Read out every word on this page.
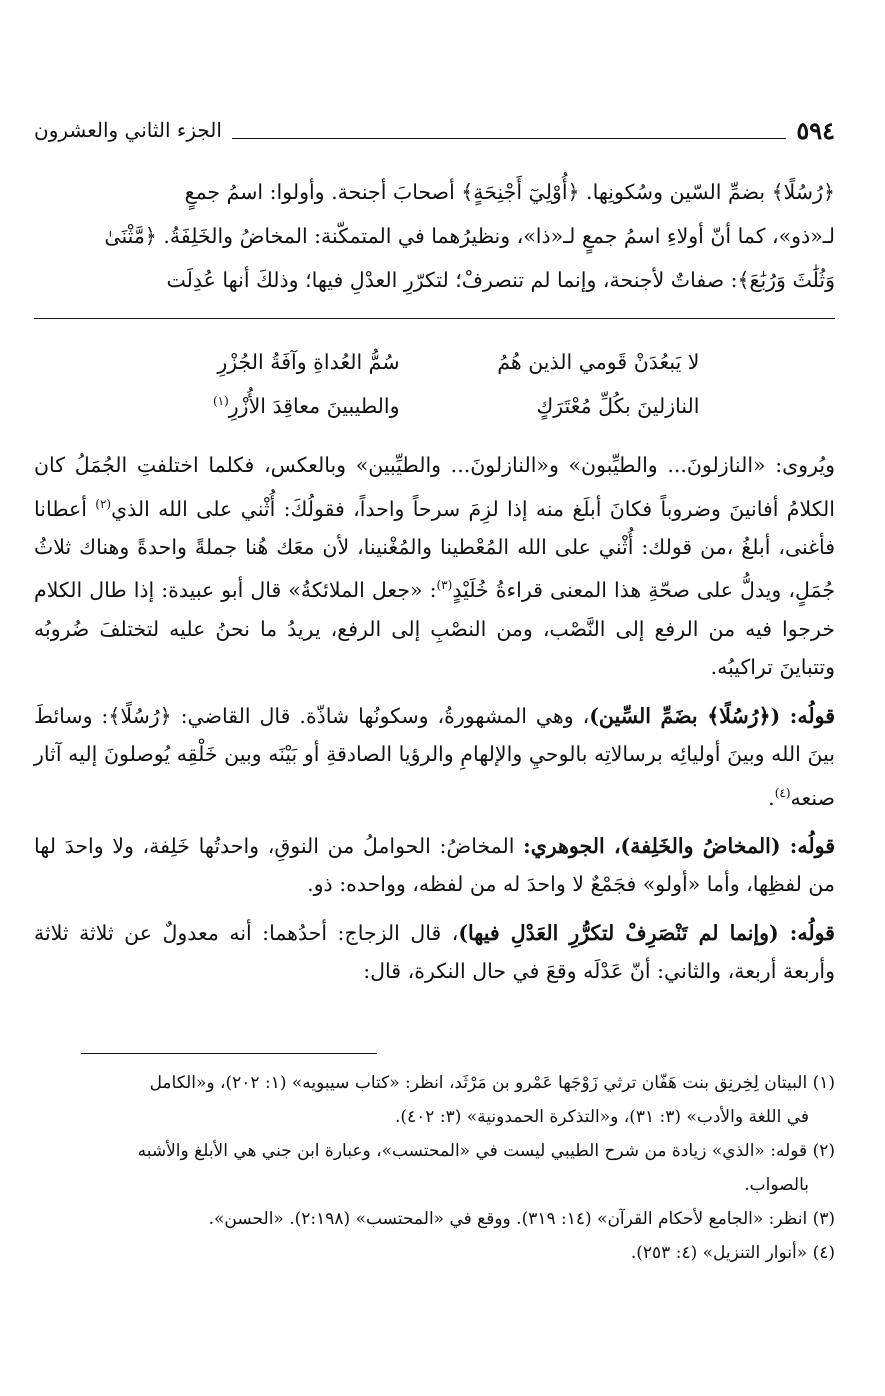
٥٩٤
الجزء الثاني والعشرون

﴿رُسُلًا﴾ بضمِّ السّين وسُكونِها. ﴿أُوْلِيٓ أَجْنِحَةٍ﴾ أصحابَ أجنحة. وأولوا: اسمُ جمعٍ

لـ«ذو»، كما أنّ أولاءِ اسمُ جمعٍ لـ«ذا»، ونظيرُهما في المتمكّنة: المخاضُ والخَلِفَةُ. ﴿مَّثْنَىٰ

وَثُلَٰثَ وَرُبَٰعَ﴾: صفاتٌ لأجنحة، وإنما لم تنصرفْ؛ لتكرّرِ العدْلِ فيها؛ وذلكَ أنها عُدِلَت

لا يَبعُدَنْ قَومي الذين هُمُ
سُمُّ العُداةِ وآفَةُ الجُزْرِ
النازلينَ بكُلِّ مُعْتَرَكٍ
والطيبينَ معاقِدَ الأُزْرِ$^{(١)}$

ويُروى: «النازلونَ... والطيِّبون» و«النازلونَ... والطيِّبين» وبالعكس، فكلما اختلفتِ الجُمَلُ كان الكلامُ أفانينَ وضروباً فكانَ أبلَغ منه إذا لزِمَ سرحاً واحداً، فقولُكَ: أُثْني على الله الذي$^{(٢)}$ أعطانا فأغنى، أبلغُ ،من قولك: أُثْني على الله المُعْطينا والمُغْنينا، لأن معَك هُنا جملةً واحدةً وهناك ثلاثُ جُمَلٍ، ويدلُّ على صحّةِ هذا المعنى قراءةُ خُلَيْدٍ$^{(٣)}$: «جعل الملائكةُ» قال أبو عبيدة: إذا طال الكلام خرجوا فيه من الرفع إلى النَّصْب، ومن النصْبِ إلى الرفع، يريدُ ما نحنُ عليه لتختلفَ ضُروبُه وتتباينَ تراكيبُه.

قولُه: (﴿رُسُلًا﴾ بضَمِّ السِّين)، وهي المشهورةُ، وسكونُها شاذّة. قال القاضي: ﴿رُسُلًا﴾: وسائطَ بينَ الله وبينَ أوليائِه برسالاتِه بالوحيِ والإلهامِ والرؤيا الصادقةِ أو بَيْنَه وبين خَلْقِه يُوصلونَ إليه آثار صنعه$^{(٤)}$.

قولُه: (المخاضُ والخَلِفة)، الجوهري: المخاضُ: الحواملُ من النوقِ، واحدتُها خَلِفة، ولا واحدَ لها من لفظِها، وأما «أولو» فجَمْعٌ لا واحدَ له من لفظه، وواحده: ذو.

قولُه: (وإنما لم تَنْصَرِفْ لتكرُّرِ العَدْلِ فيها)، قال الزجاج: أحدُهما: أنه معدولٌ عن ثلاثة ثلاثة وأربعة أربعة، والثاني: أنّ عَدْلَه وقعَ في حال النكرة، قال:

(١) البيتان لِخِرنِق بنت هَفّان ترثي زَوْجَها عَمْرو بن مَرْثَد، انظر: «كتاب سيبويه» (١: ٢٠٢)، و«الكامل
في اللغة والأدب» (٣: ٣١)، و«التذكرة الحمدونية» (٣: ٤٠٢).

(٢) قوله: «الذي» زيادة من شرح الطيبي ليست في «المحتسب»، وعبارة ابن جني هي الأبلغ والأشبه
بالصواب.

(٣) انظر: «الجامع لأحكام القرآن» (١٤: ٣١٩). ووقع في «المحتسب» (٢:١٩٨). «الحسن».

(٤) «أنوار التنزيل» (٤: ٢٥٣).
